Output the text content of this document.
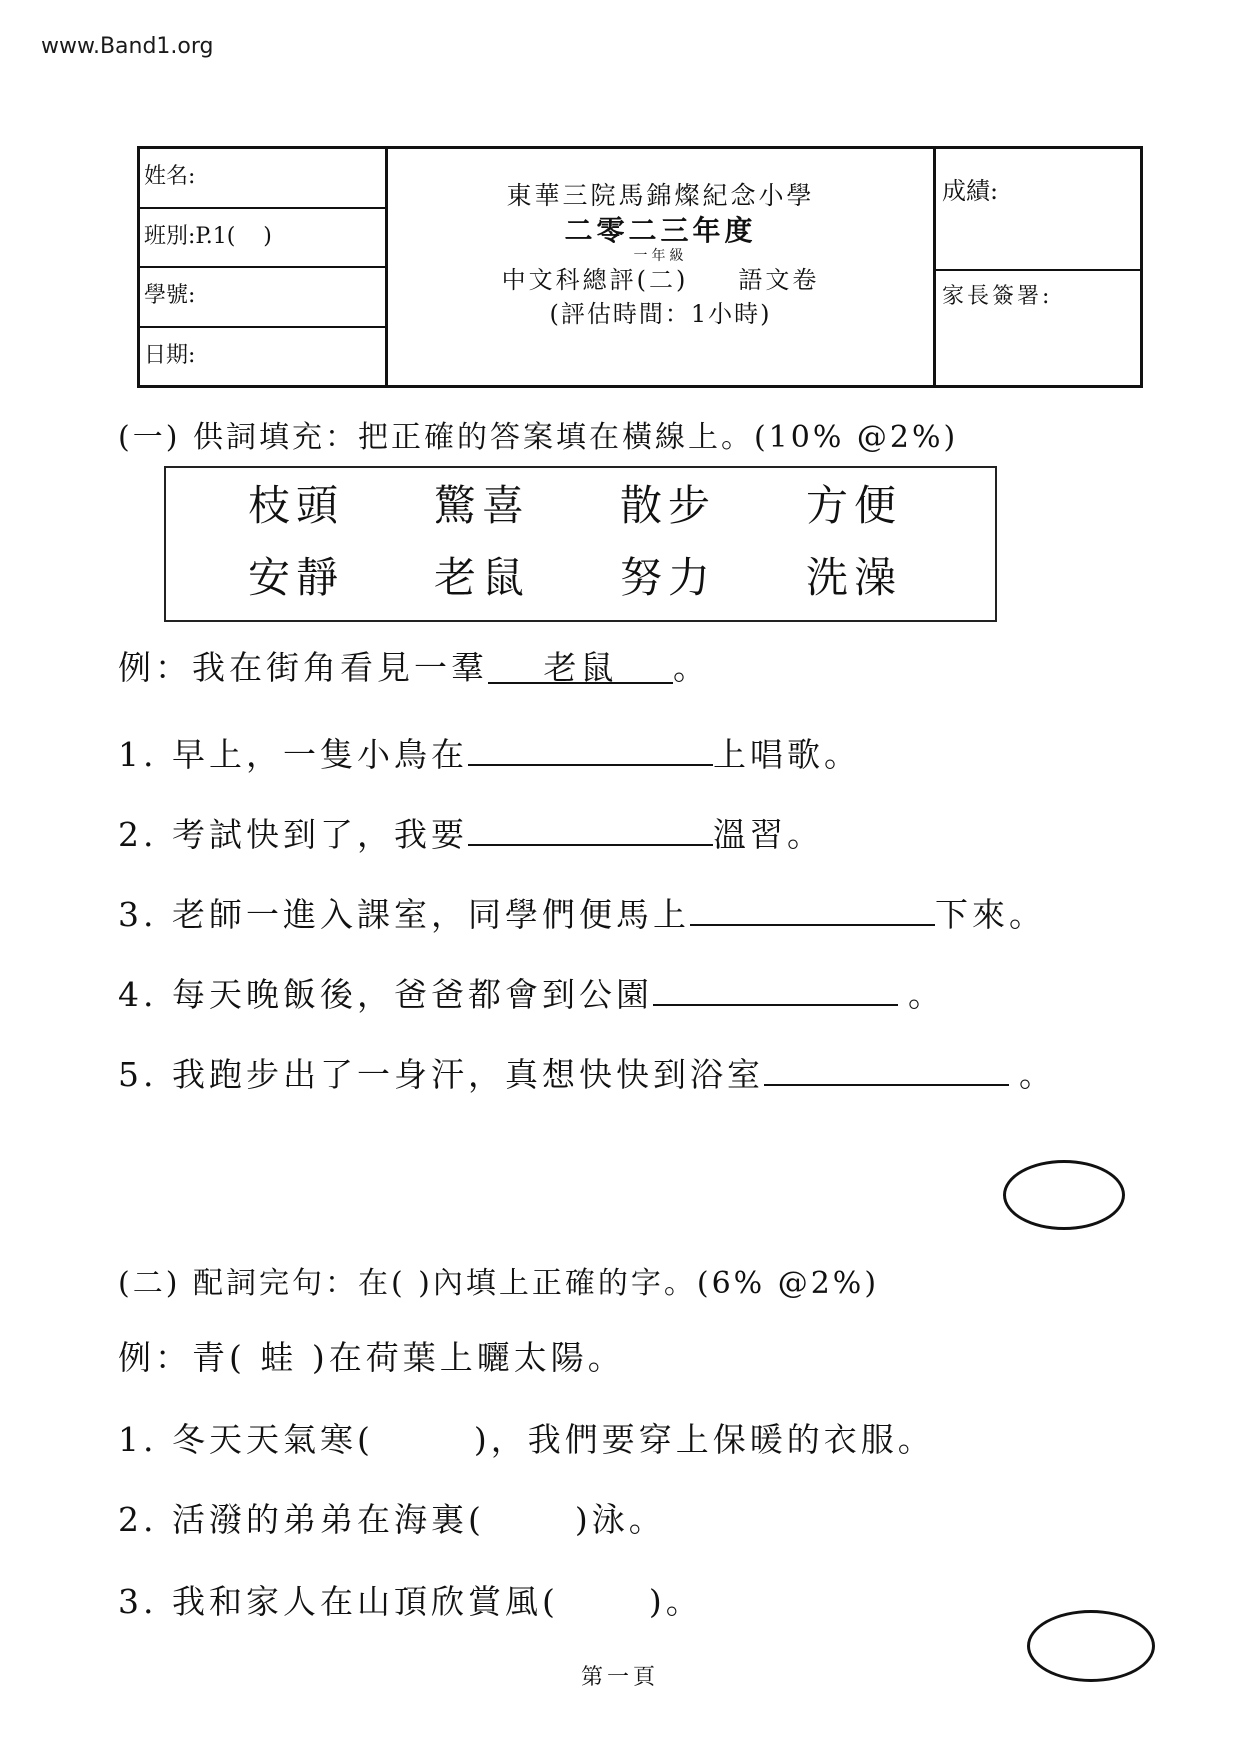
www.Band1.org
姓名:
班別:P.1(    )
學號:
日期:
東華三院馬錦燦紀念小學
二零二三年度
一年級
中文科總評(二) 語文卷
(評估時間：1小時)
成績:
家長簽署:
(一) 供詞填充：把正確的答案填在橫線上。(10% @2%)
枝頭	驚喜	散步	方便
安靜	老鼠	努力	洗澡
例：我在街角看見一羣 老鼠 。
1. 早上，一隻小鳥在	上唱歌。
2. 考試快到了，我要	溫習。
3. 老師一進入課室，同學們便馬上	下來。
4. 每天晚飯後，爸爸都會到公園	。
5. 我跑步出了一身汗，真想快快到浴室	。
(二) 配詞完句：在( )內填上正確的字。(6% @2%)
例：青( 蛙 )在荷葉上曬太陽。
1. 冬天天氣寒(	)，我們要穿上保暖的衣服。
2. 活潑的弟弟在海裏(	)泳。
3. 我和家人在山頂欣賞風(	)。
第一頁
